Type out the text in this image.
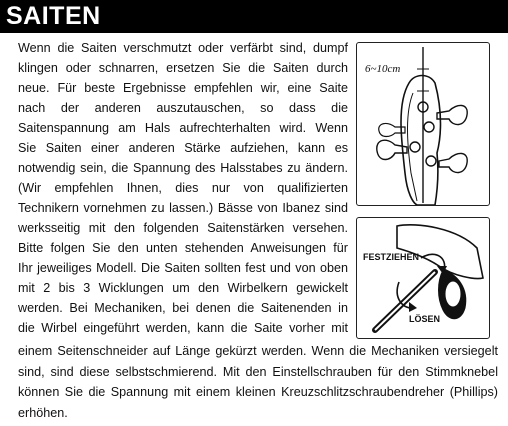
SAITEN
Wenn die Saiten verschmutzt oder verfärbt sind, dumpf
klingen oder schnarren, ersetzen Sie die Saiten durch
neue. Für beste Ergebnisse empfehlen wir, eine Saite
nach der anderen auszutauschen, so dass die
Saitenspannung am Hals aufrechterhalten wird. Wenn
Sie Saiten einer anderen Stärke aufziehen, kann es
notwendig sein, die Spannung des Halsstabes zu ändern.
(Wir empfehlen Ihnen, dies nur von qualifizierten
Technikern vornehmen zu lassen.) Bässe von Ibanez sind
werksseitig mit den folgenden Saitenstärken versehen.
Bitte folgen Sie den unten stehenden Anweisungen für
Ihr jeweiliges Modell. Die Saiten sollten fest und von oben
mit 2 bis 3 Wicklungen um den Wirbelkern gewickelt
werden. Bei Mechaniken, bei denen die Saitenenden in
die Wirbel eingeführt werden, kann die Saite vorher mit
einem Seitenschneider auf Länge gekürzt werden. Wenn die Mechaniken versiegelt
sind, sind diese selbstschmierend. Mit den Einstellschrauben für den Stimmknebel
können Sie die Spannung mit einem kleinen Kreuzschlitzschraubendreher (Phillips)
erhöhen.
6~10cm
FESTZIEHEN
LÖSEN
